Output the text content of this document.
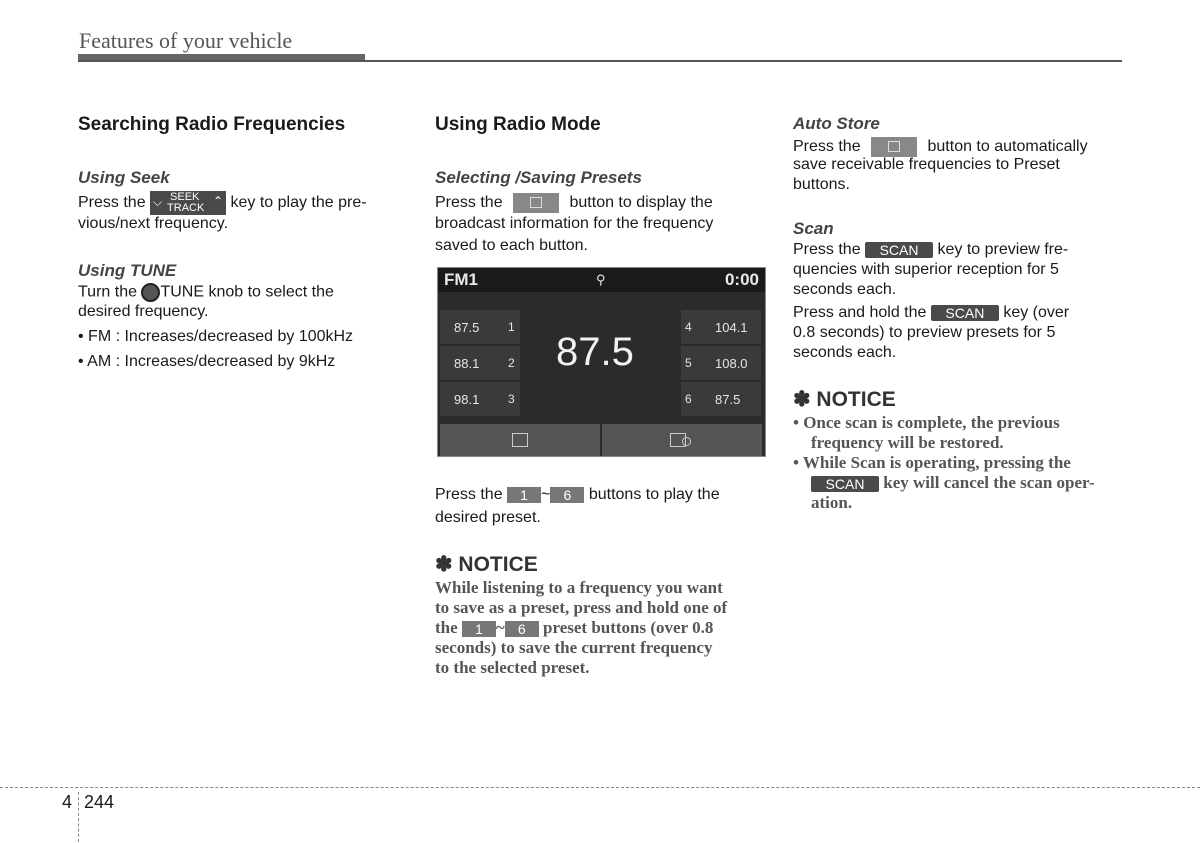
Features of your vehicle
Searching Radio Frequencies

Using Seek

Press the ⌵ SEEK
TRACK ⌃ key to play the pre-
vious/next frequency.

Using TUNE

Turn the TUNE knob to select the
desired frequency.
• FM : Increases/decreased by 100kHz
• AM : Increases/decreased by 9kHz
Using Radio Mode

Selecting /Saving Presets

Press the	button to display the
broadcast information for the frequency
saved to each button.
FM1	⚲	0:00
87.5 1
88.1 2
98.1 3
87.5
4 104.1
5 108.0
6 87.5
Press the 1 ~ 6 buttons to play the
desired preset.
✽ NOTICE
While listening to a frequency you want
to save as a preset, press and hold one of
the 1 ~ 6 preset buttons (over 0.8
seconds) to save the current frequency
to the selected preset.

Auto Store

Press the	button to automatically
save receivable frequencies to Preset
buttons.

Scan

Press the SCAN key to preview fre-
quencies with superior reception for 5
seconds each.
Press and hold the SCAN key (over
0.8 seconds) to preview presets for 5
seconds each.
✽ NOTICE
• Once scan is complete, the previous
frequency will be restored.
• While Scan is operating, pressing the
SCAN key will cancel the scan oper-
ation.
4 244
